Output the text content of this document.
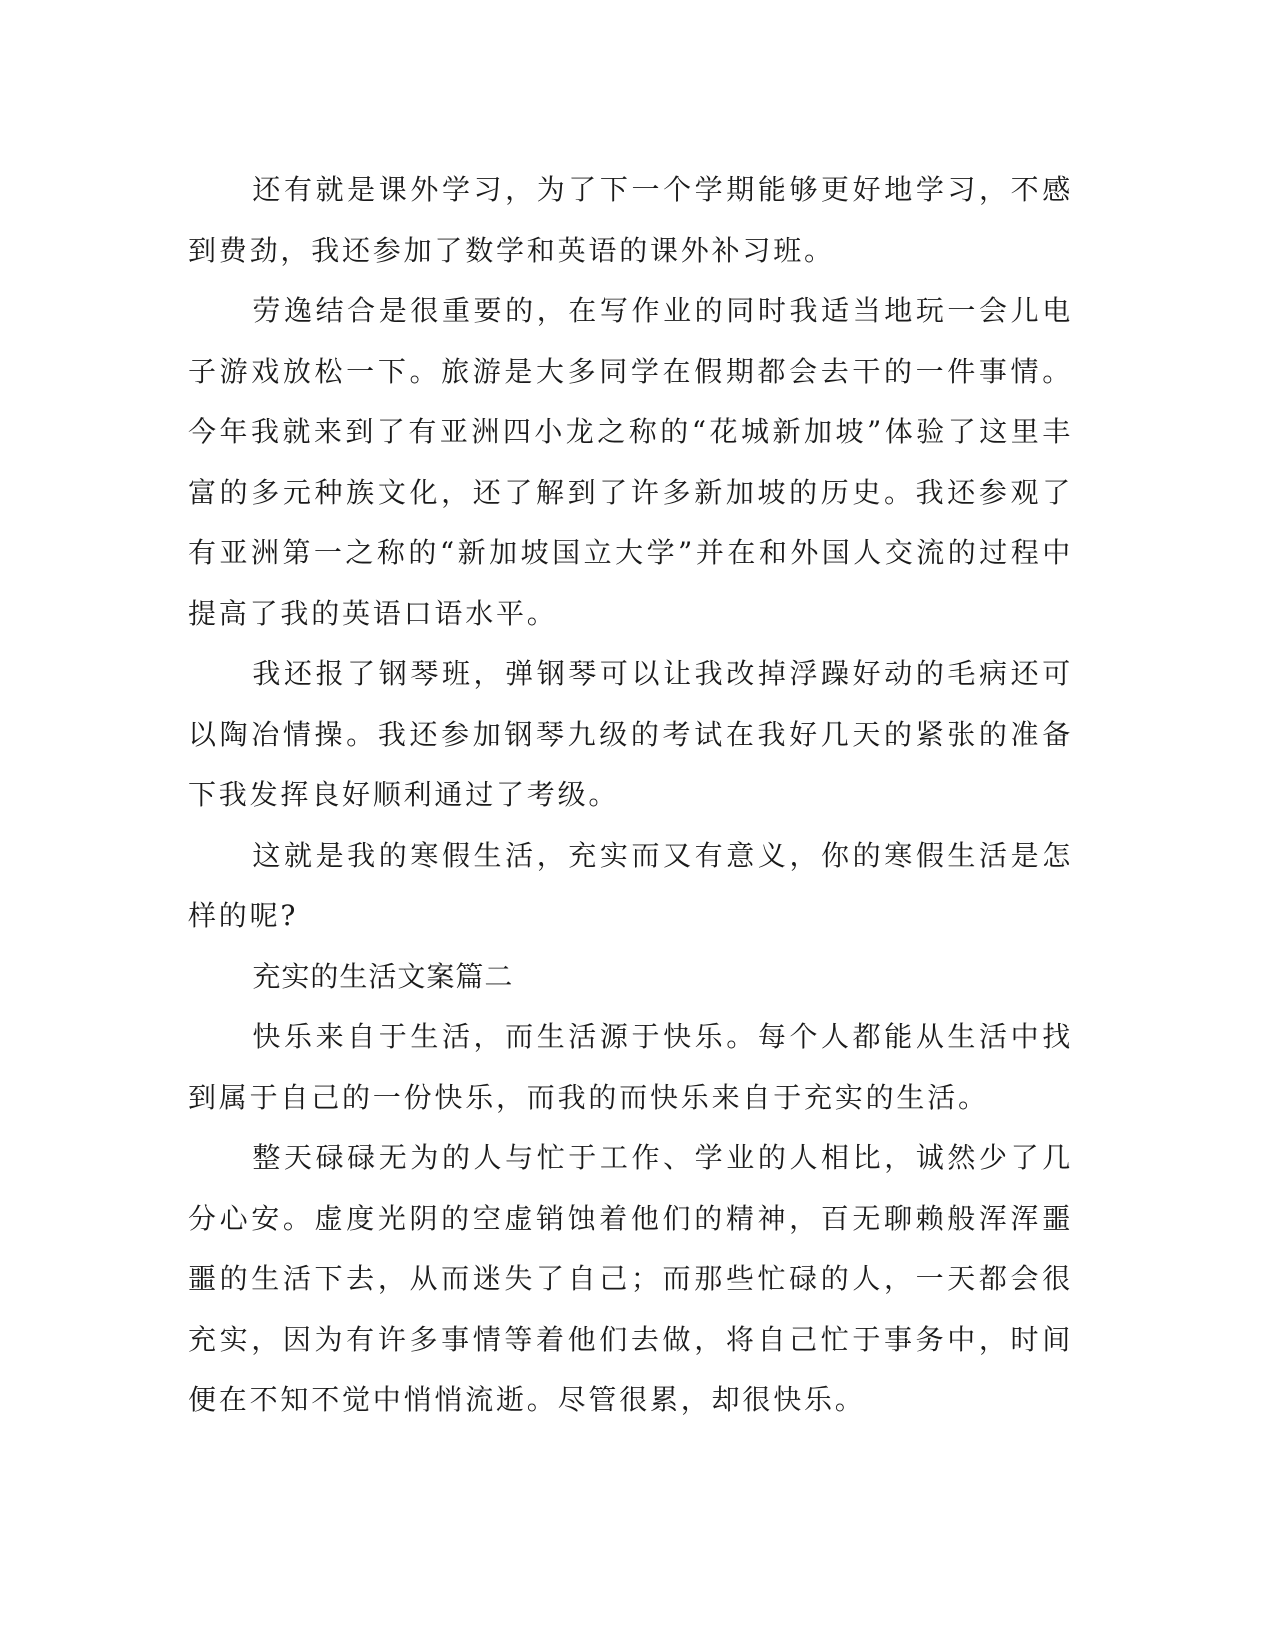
还有就是课外学习，为了下一个学期能够更好地学习，不感到费劲，我还参加了数学和英语的课外补习班。

劳逸结合是很重要的，在写作业的同时我适当地玩一会儿电子游戏放松一下。旅游是大多同学在假期都会去干的一件事情。今年我就来到了有亚洲四小龙之称的“花城新加坡”体验了这里丰富的多元种族文化，还了解到了许多新加坡的历史。我还参观了有亚洲第一之称的“新加坡国立大学”并在和外国人交流的过程中提高了我的英语口语水平。

我还报了钢琴班，弹钢琴可以让我改掉浮躁好动的毛病还可以陶冶情操。我还参加钢琴九级的考试在我好几天的紧张的准备下我发挥良好顺利通过了考级。

这就是我的寒假生活，充实而又有意义，你的寒假生活是怎样的呢?

充实的生活文案篇二

快乐来自于生活，而生活源于快乐。每个人都能从生活中找到属于自己的一份快乐，而我的而快乐来自于充实的生活。

整天碌碌无为的人与忙于工作、学业的人相比，诚然少了几分心安。虚度光阴的空虚销蚀着他们的精神，百无聊赖般浑浑噩噩的生活下去，从而迷失了自己；而那些忙碌的人，一天都会很充实，因为有许多事情等着他们去做，将自己忙于事务中，时间便在不知不觉中悄悄流逝。尽管很累，却很快乐。
